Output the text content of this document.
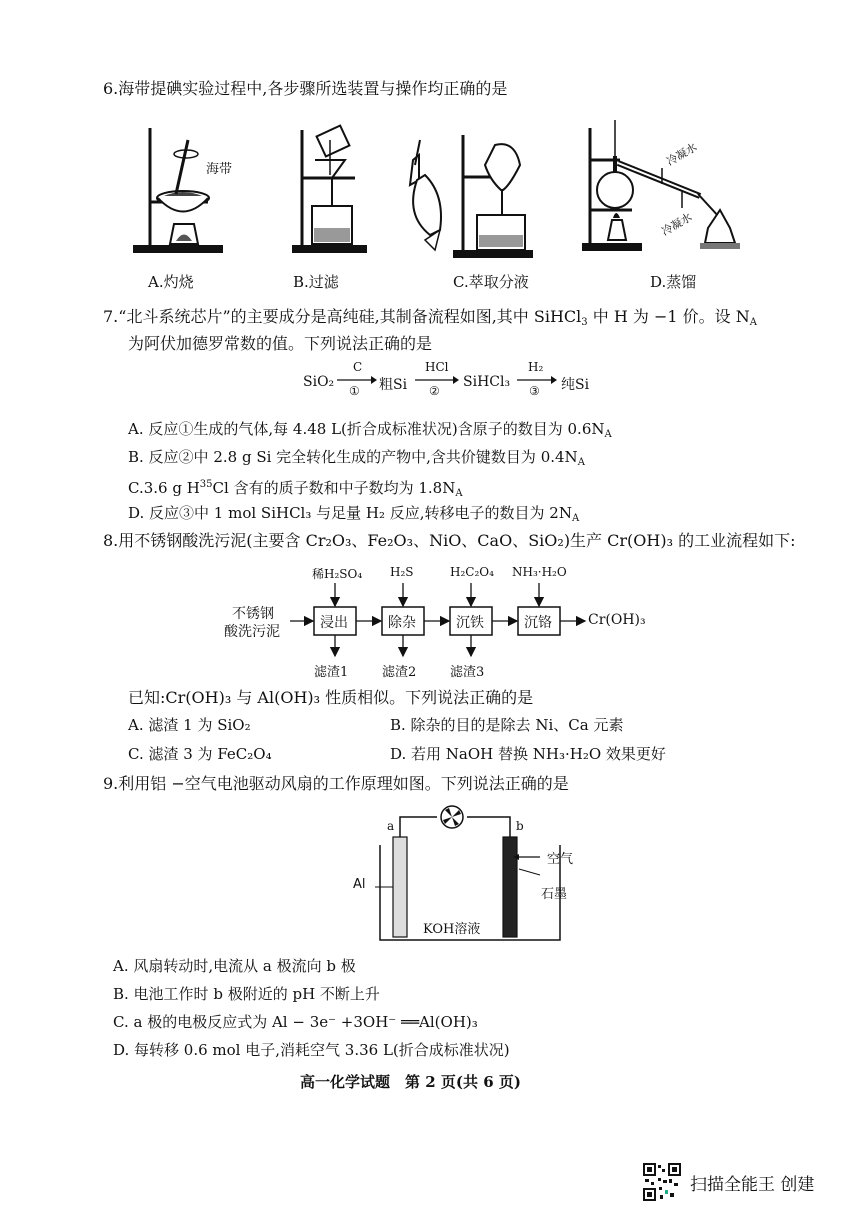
6.海带提碘实验过程中,各步骤所选装置与操作均正确的是
海带
冷凝水
冷凝水
A.灼烧	B.过滤	C.萃取分液	D.蒸馏
7.“北斗系统芯片”的主要成分是高纯硅,其制备流程如图,其中 SiHCl$_3$ 中 H 为 −1 价。设 $N_A$
为阿伏加德罗常数的值。下列说法正确的是
SiO₂
C
① 粗Si
HCl
②
SiHCl₃
H₂
③ 纯Si
A. 反应①生成的气体,每 4.48 L(折合成标准状况)含原子的数目为 $0.6N_A$
B. 反应②中 2.8 g Si 完全转化生成的产物中,含共价键数目为 $0.4N_A$
C.3.6 g $H^{35}Cl$ 含有的质子数和中子数均为 $1.8N_A$
D. 反应③中 1 mol SiHCl₃ 与足量 H₂ 反应,转移电子的数目为 $2N_A$
8.用不锈钢酸洗污泥(主要含 Cr₂O₃、Fe₂O₃、NiO、CaO、SiO₂)生产 Cr(OH)₃ 的工业流程如下:
不锈钢
酸洗污泥
稀H₂SO₄ H₂S	H₂C₂O₄ NH₃·H₂O
浸出	除杂	沉铁	沉铬	Cr(OH)₃
滤渣1	滤渣2	滤渣3
已知:Cr(OH)₃ 与 Al(OH)₃ 性质相似。下列说法正确的是
A. 滤渣 1 为 SiO₂	B. 除杂的目的是除去 Ni、Ca 元素
C. 滤渣 3 为 FeC₂O₄	D. 若用 NaOH 替换 NH₃·H₂O 效果更好
9.利用铝 −空气电池驱动风扇的工作原理如图。下列说法正确的是
a	b
Al
空气
石墨
KOH溶液
A. 风扇转动时,电流从 a 极流向 b 极
B. 电池工作时 b 极附近的 pH 不断上升
C. a 极的电极反应式为 Al − 3e⁻ +3OH⁻ ══Al(OH)₃
D. 每转移 0.6 mol 电子,消耗空气 3.36 L(折合成标准状况)
高一化学试题　第 2 页(共 6 页)
扫描全能王 创建
